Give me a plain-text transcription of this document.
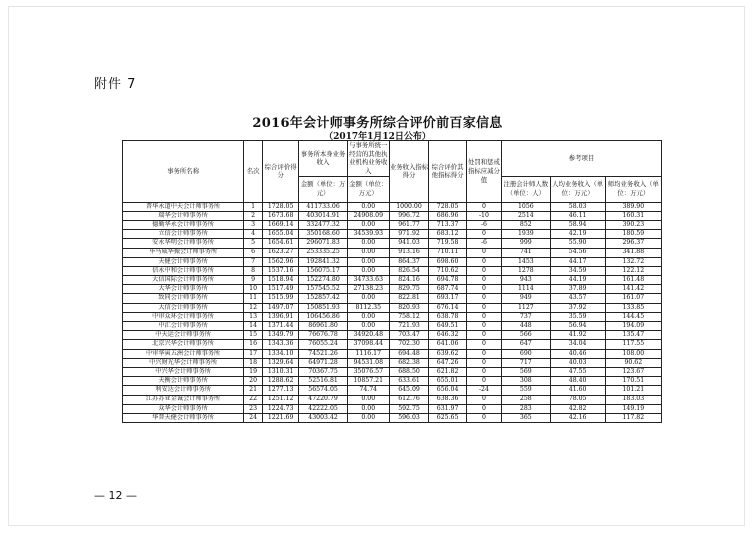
附件 7
2016年会计师事务所综合评价前百家信息
（2017年1月12日公布）
事务所名称	名次	综合评价得分	事务所本身业务收入	与事务所统一经营的其他执业机构业务收入	业务收入指标得分	综合评价其他指标得分	处罚和惩戒指标应减分值	参考项目		
			金额（单位：万元）	金额（单位：万元）				注册会计师人数（单位：人）	人均业务收入（单位：万元）	师均业务收入（单位：万元）
普华永道中天会计师事务所	1	1728.05	411733.06	0.00	1000.00	728.05	0	1056	58.03	389.90
瑞华会计师事务所	2	1673.68	403014.91	24908.09	996.72	686.96	-10	2514	46.11	160.31
德勤华永会计师事务所	3	1669.14	332477.32	0.00	961.77	713.37	-6	852	58.94	390.23
立信会计师事务所	4	1655.04	350168.60	34539.93	971.92	683.12	0	1939	42.19	180.59
安永华明会计师事务所	5	1654.61	296071.83	0.00	941.03	719.58	-6	999	55.90	296.37
毕马威华振会计师事务所	6	1623.27	253335.25	0.00	913.16	710.11	0	741	54.56	341.88
天健会计师事务所	7	1562.96	192841.32	0.00	864.37	698.60	0	1453	44.17	132.72
信永中和会计师事务所	8	1537.16	156075.17	0.00	826.54	710.62	0	1278	34.59	122.12
大信国际会计师事务所	9	1518.94	152274.80	34733.63	824.16	694.78	0	943	44.19	161.48
大华会计师事务所	10	1517.49	157545.52	27138.23	829.75	687.74	0	1114	37.89	141.42
致同会计师事务所	11	1515.99	152857.42	0.00	822.81	693.17	0	949	43.57	161.07
大信会计师事务所	12	1497.07	150851.93	8112.35	820.93	676.14	0	1127	37.92	133.85
中审众环会计师事务所	13	1396.91	106456.86	0.00	758.12	638.78	0	737	35.59	144.45
中汇会计师事务所	14	1371.44	86961.80	0.00	721.93	649.51	0	448	56.94	194.09
中天运会计师事务所	15	1349.79	76676.78	34920.48	703.47	646.32	0	566	41.92	135.47
北京兴华会计师事务所	16	1343.36	76055.24	37098.44	702.30	641.06	0	647	34.04	117.55
中审华寅五洲会计师事务所	17	1334.10	74521.26	1116.17	694.48	639.62	0	690	40.46	108.00
中兴财光华会计师事务所	18	1329.64	64971.28	94531.08	682.38	647.26	0	717	40.03	90.62
中兴华会计师事务所	19	1310.31	70367.75	35076.57	688.50	621.82	0	569	47.55	123.67
天衡会计师事务所	20	1288.62	52516.81	10857.21	633.61	655.01	0	308	48.40	170.51
利安达会计师事务所	21	1277.13	56574.05	74.74	645.09	656.04	-24	559	41.60	101.21
江苏苏亚金诚会计师事务所	22	1251.12	47220.79	0.00	612.76	638.36	0	258	78.05	183.03
众华会计师事务所	23	1224.73	42222.05	0.00	592.75	631.97	0	283	42.82	149.19
华普天健会计师事务所	24	1221.69	43003.42	0.00	596.03	625.65	0	365	42.16	117.82
— 12 —
